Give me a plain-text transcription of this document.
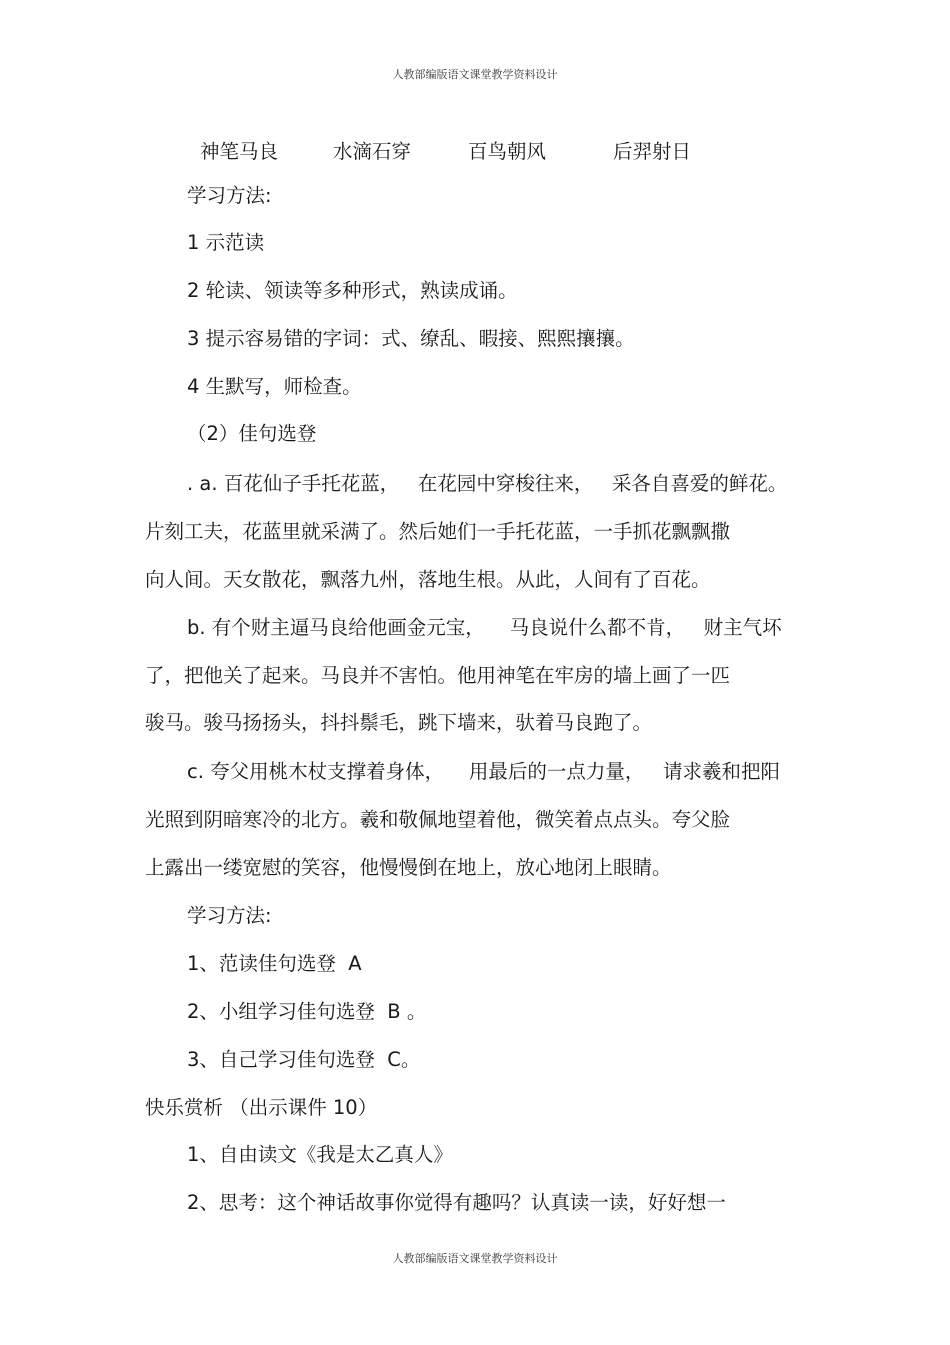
人教部编版语文课堂教学资料设计
神笔马良	水滴石穿	百鸟朝风	后羿射日
学习方法:
1 示范读
2 轮读、领读等多种形式，熟读成诵。
3 提示容易错的字词：式、缭乱、暇接、熙熙攘攘。
4 生默写，师检查。
（2）佳句选登
. a. 百花仙子手托花蓝，   在花园中穿梭往来，   采各自喜爱的鲜花。
片刻工夫，花蓝里就采满了。然后她们一手托花蓝，一手抓花飘飘撒
向人间。天女散花，飘落九州，落地生根。从此，人间有了百花。
b. 有个财主逼马良给他画金元宝，    马良说什么都不肯，   财主气坏
了，把他关了起来。马良并不害怕。他用神笔在牢房的墙上画了一匹
骏马。骏马扬扬头，抖抖鬃毛，跳下墙来，驮着马良跑了。
c. 夸父用桃木杖支撑着身体，    用最后的一点力量，   请求羲和把阳
光照到阴暗寒冷的北方。羲和敬佩地望着他，微笑着点点头。夸父脸
上露出一缕宽慰的笑容，他慢慢倒在地上，放心地闭上眼睛。
学习方法:
1、范读佳句选登  A
2、小组学习佳句选登  B 。
3、自己学习佳句选登  C。
快乐赏析 （出示课件 10）
1、自由读文《我是太乙真人》
2、思考：这个神话故事你觉得有趣吗？认真读一读，好好想一
人教部编版语文课堂教学资料设计
